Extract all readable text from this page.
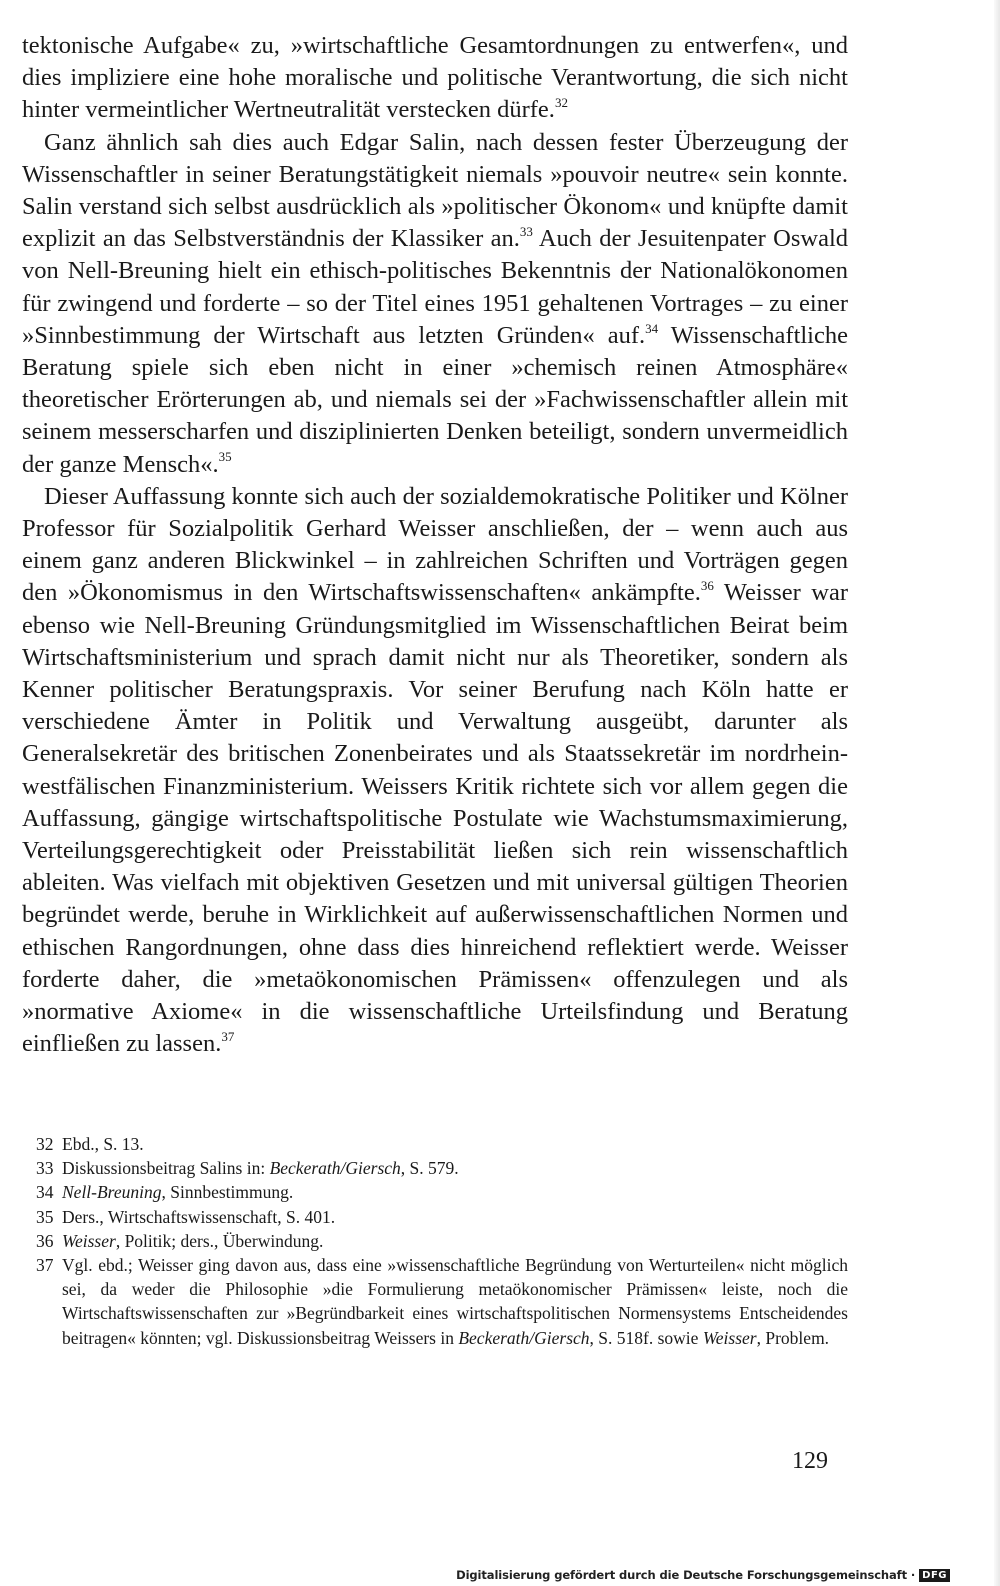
tektonische Aufgabe« zu, »wirtschaftliche Gesamtordnungen zu entwerfen«, und dies impliziere eine hohe moralische und politische Verantwortung, die sich nicht hinter vermeintlicher Wertneutralität verstecken dürfe.$^{32}$

Ganz ähnlich sah dies auch Edgar Salin, nach dessen fester Überzeugung der Wissenschaftler in seiner Beratungstätigkeit niemals »pouvoir neutre« sein konnte. Salin verstand sich selbst ausdrücklich als »politischer Ökonom« und knüpfte damit explizit an das Selbstverständnis der Klassiker an.$^{33}$ Auch der Jesuitenpater Oswald von Nell-Breuning hielt ein ethisch-politisches Bekenntnis der Nationalökonomen für zwingend und forderte – so der Titel eines 1951 gehaltenen Vortrages – zu einer »Sinnbestimmung der Wirtschaft aus letzten Gründen« auf.$^{34}$ Wissenschaftliche Beratung spiele sich eben nicht in einer »chemisch reinen Atmosphäre« theoretischer Erörterungen ab, und niemals sei der »Fachwissenschaftler allein mit seinem messerscharfen und disziplinierten Denken beteiligt, sondern unvermeidlich der ganze Mensch«.$^{35}$

Dieser Auffassung konnte sich auch der sozialdemokratische Politiker und Kölner Professor für Sozialpolitik Gerhard Weisser anschließen, der – wenn auch aus einem ganz anderen Blickwinkel – in zahlreichen Schriften und Vorträgen gegen den »Ökonomismus in den Wirtschaftswissenschaften« ankämpfte.$^{36}$ Weisser war ebenso wie Nell-Breuning Gründungsmitglied im Wissenschaftlichen Beirat beim Wirtschaftsministerium und sprach damit nicht nur als Theoretiker, sondern als Kenner politischer Beratungspraxis. Vor seiner Berufung nach Köln hatte er verschiedene Ämter in Politik und Verwaltung ausgeübt, darunter als Generalsekretär des britischen Zonenbeirates und als Staatssekretär im nordrhein-westfälischen Finanzministerium. Weissers Kritik richtete sich vor allem gegen die Auffassung, gängige wirtschaftspolitische Postulate wie Wachstumsmaximierung, Verteilungsgerechtigkeit oder Preisstabilität ließen sich rein wissenschaftlich ableiten. Was vielfach mit objektiven Gesetzen und mit universal gültigen Theorien begründet werde, beruhe in Wirklichkeit auf außerwissenschaftlichen Normen und ethischen Rangordnungen, ohne dass dies hinreichend reflektiert werde. Weisser forderte daher, die »metaökonomischen Prämissen« offenzulegen und als »normative Axiome« in die wissenschaftliche Urteilsfindung und Beratung einfließen zu lassen.$^{37}$

32 Ebd., S. 13.
33 Diskussionsbeitrag Salins in: Beckerath/Giersch, S. 579.
34 Nell-Breuning, Sinnbestimmung.
35 Ders., Wirtschaftswissenschaft, S. 401.
36 Weisser, Politik; ders., Überwindung.
37 Vgl. ebd.; Weisser ging davon aus, dass eine »wissenschaftliche Begründung von Werturteilen« nicht möglich sei, da weder die Philosophie »die Formulierung metaökonomischer Prämissen« leiste, noch die Wirtschaftswissenschaften zur »Begründbarkeit eines wirtschaftspolitischen Normensystems Entscheidendes beitragen« könnten; vgl. Diskussionsbeitrag Weissers in Beckerath/Giersch, S. 518f. sowie Weisser, Problem.
129
Digitalisierung gefördert durch die Deutsche Forschungsgemeinschaft · DFG
